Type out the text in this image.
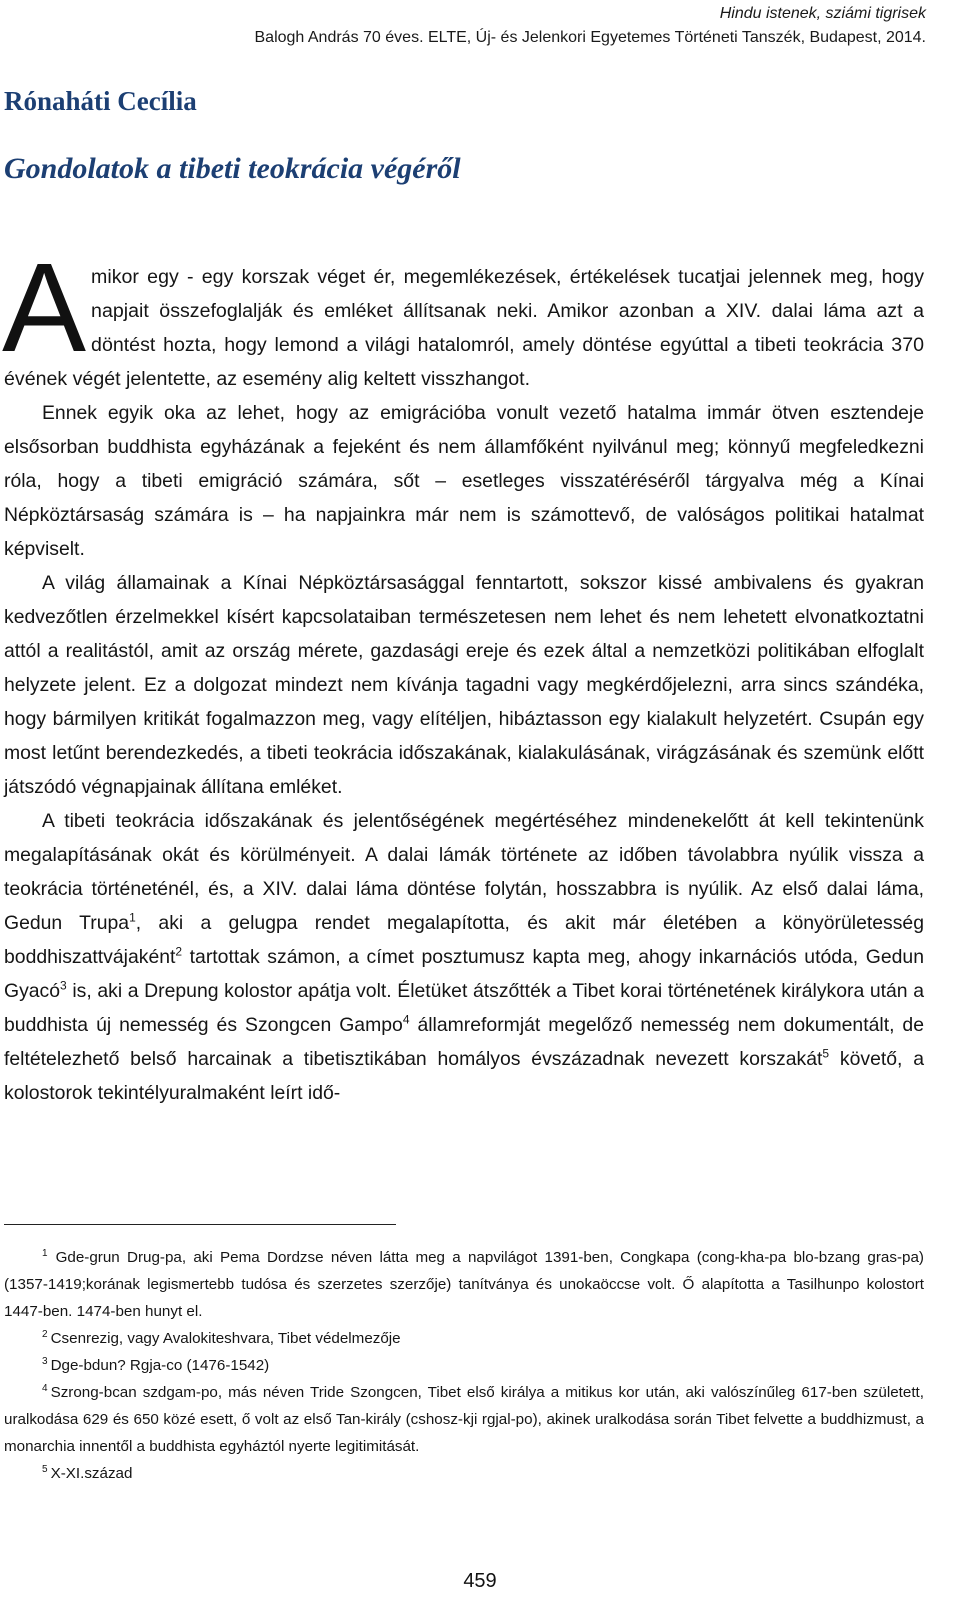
Hindu istenek, sziámi tigrisek
Balogh András 70 éves. ELTE, Új- és Jelenkori Egyetemes Történeti Tanszék, Budapest, 2014.
Rónaháti Cecília
Gondolatok a tibeti teokrácia végéről

Amikor egy - egy korszak véget ér, megemlékezések, értékelések tucatjai jelennek meg, hogy napjait összefoglalják és emléket állítsanak neki. Amikor azonban a XIV. dalai láma azt a döntést hozta, hogy lemond a világi hatalomról, amely döntése egyúttal a tibeti teokrácia 370 évének végét jelentette, az esemény alig keltett visszhangot.

Ennek egyik oka az lehet, hogy az emigrációba vonult vezető hatalma immár ötven esztendeje elsősorban buddhista egyházának a fejeként és nem államfőként nyilvánul meg; könnyű megfeledkezni róla, hogy a tibeti emigráció számára, sőt – esetleges visszatéréséről tárgyalva még a Kínai Népköztársaság számára is – ha napjainkra már nem is számottevő, de valóságos politikai hatalmat képviselt.

A világ államainak a Kínai Népköztársasággal fenntartott, sokszor kissé ambivalens és gyakran kedvezőtlen érzelmekkel kísért kapcsolataiban természetesen nem lehet és nem lehetett elvonatkoztatni attól a realitástól, amit az ország mérete, gazdasági ereje és ezek által a nemzetközi politikában elfoglalt helyzete jelent. Ez a dolgozat mindezt nem kívánja tagadni vagy megkérdőjelezni, arra sincs szándéka, hogy bármilyen kritikát fogalmazzon meg, vagy elítéljen, hibáztasson egy kialakult helyzetért. Csupán egy most letűnt berendezkedés, a tibeti teokrácia időszakának, kialakulásának, virágzásának és szemünk előtt játszódó végnapjainak állítana emléket.

A tibeti teokrácia időszakának és jelentőségének megértéséhez mindenekelőtt át kell tekintenünk megalapításának okát és körülményeit. A dalai lámák története az időben távolabbra nyúlik vissza a teokrácia történeténél, és, a XIV. dalai láma döntése folytán, hosszabbra is nyúlik. Az első dalai láma, Gedun Trupa$^1$, aki a gelugpa rendet megalapította, és akit már életében a könyörületesség boddhiszattvájaként$^2$ tartottak számon, a címet posztumusz kapta meg, ahogy inkarnációs utóda, Gedun Gyacó$^3$ is, aki a Drepung kolostor apátja volt. Életüket átszőtték a Tibet korai történetének királykora után a buddhista új nemesség és Szongcen Gampo$^4$ államreformját megelőző nemesség nem dokumentált, de feltételezhető belső harcainak a tibetisztikában homályos évszázadnak nevezett korszakát$^5$ követő, a kolostorok tekintélyuralmaként leírt idő-

$^1$ Gde-grun Drug-pa, aki Pema Dordzse néven látta meg a napvilágot 1391-ben, Congkapa (cong-kha-pa blo-bzang gras-pa) (1357-1419;korának legismertebb tudósa és szerzetes szerzője) tanítványa és unokaöccse volt. Ő alapította a Tasilhunpo kolostort 1447-ben. 1474-ben hunyt el.

$^2$ Csenrezig, vagy Avalokiteshvara, Tibet védelmezője

$^3$ Dge-bdun? Rgja-co (1476-1542)

$^4$ Szrong-bcan szdgam-po, más néven Tride Szongcen, Tibet első királya a mitikus kor után, aki valószínűleg 617-ben született, uralkodása 629 és 650 közé esett, ő volt az első Tan-király (cshosz-kji rgjal-po), akinek uralkodása során Tibet felvette a buddhizmust, a monarchia innentől a buddhista egyháztól nyerte legitimitását.

$^5$ X-XI.század

459
